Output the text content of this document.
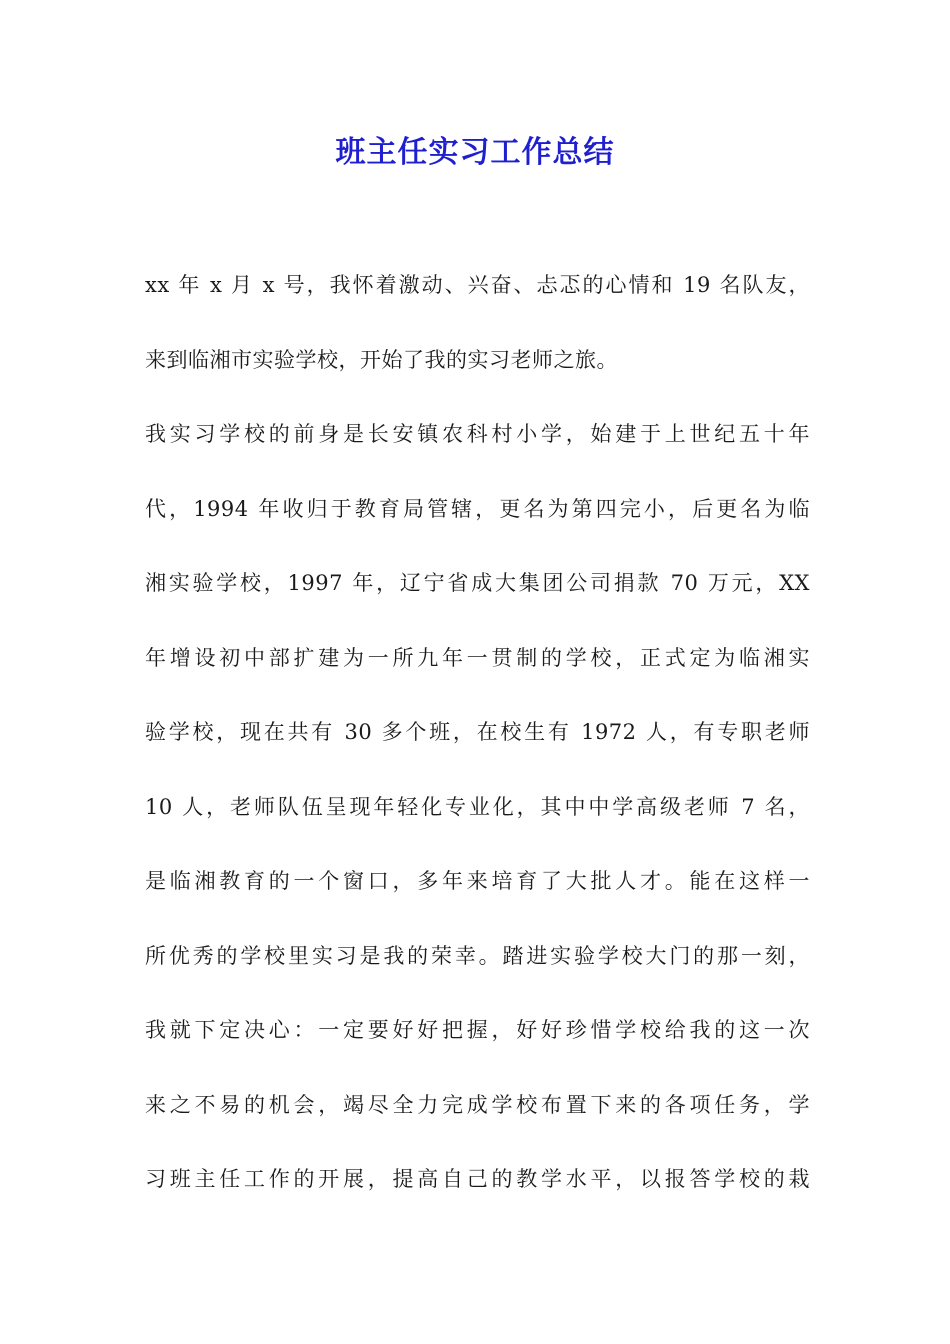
班主任实习工作总结
xx 年 x 月 x 号，我怀着激动、兴奋、忐忑的心情和 19 名队友，
来到临湘市实验学校，开始了我的实习老师之旅。
我实习学校的前身是长安镇农科村小学，始建于上世纪五十年
代，1994 年收归于教育局管辖，更名为第四完小，后更名为临
湘实验学校，1997 年，辽宁省成大集团公司捐款 70 万元，XX
年增设初中部扩建为一所九年一贯制的学校，正式定为临湘实
验学校，现在共有 30 多个班，在校生有 1972 人，有专职老师
10 人，老师队伍呈现年轻化专业化，其中中学高级老师 7 名，
是临湘教育的一个窗口，多年来培育了大批人才。能在这样一
所优秀的学校里实习是我的荣幸。踏进实验学校大门的那一刻，
我就下定决心：一定要好好把握，好好珍惜学校给我的这一次
来之不易的机会，竭尽全力完成学校布置下来的各项任务，学
习班主任工作的开展，提高自己的教学水平，以报答学校的栽
